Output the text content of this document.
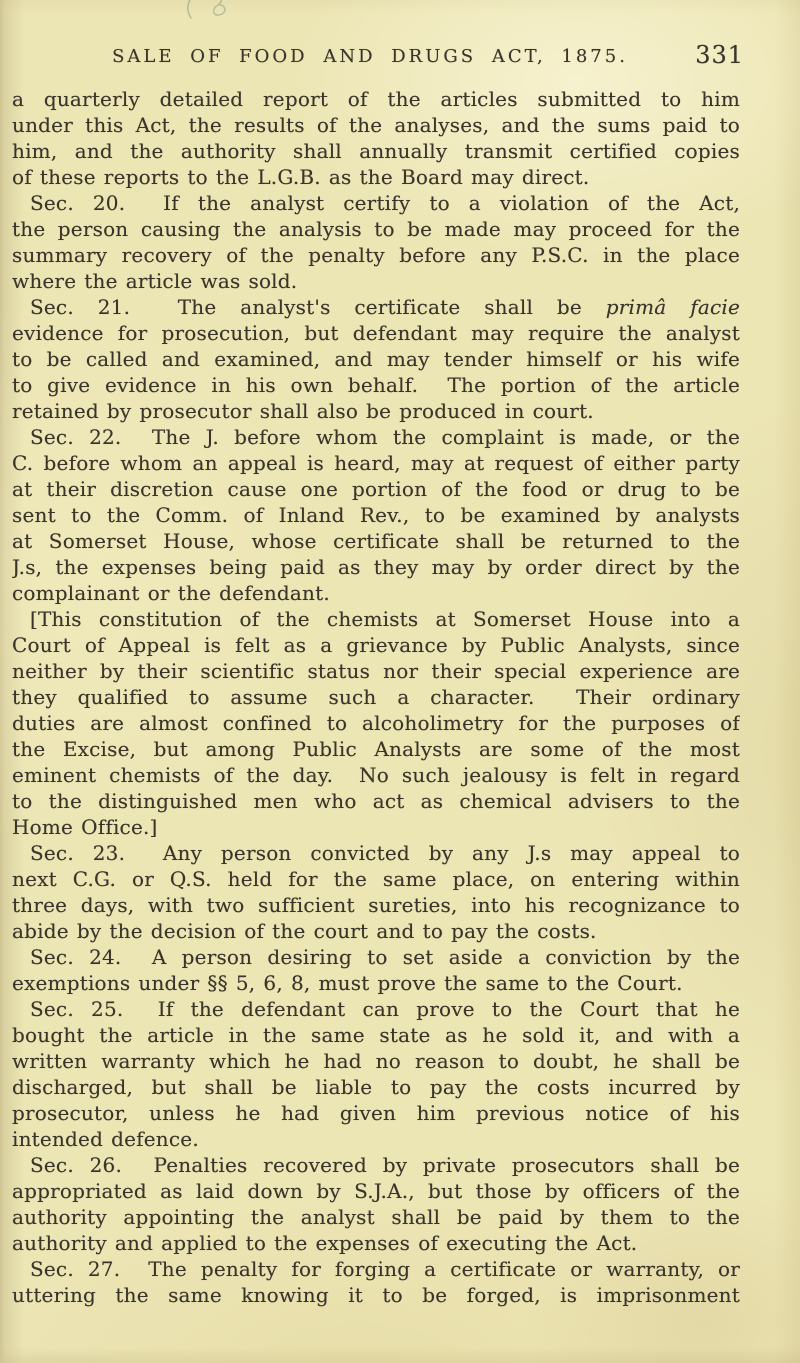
SALE OF FOOD AND DRUGS ACT, 1875.	331
a quarterly detailed report of the articles submitted to him
under this Act, the results of the analyses, and the sums paid to
him, and the authority shall annually transmit certified copies
of these reports to the L.G.B. as the Board may direct.
Sec. 20.  If the analyst certify to a violation of the Act,
the person causing the analysis to be made may proceed for the
summary recovery of the penalty before any P.S.C. in the place
where the article was sold.
Sec. 21.  The analyst's certificate shall be primâ facie
evidence for prosecution, but defendant may require the analyst
to be called and examined, and may tender himself or his wife
to give evidence in his own behalf.  The portion of the article
retained by prosecutor shall also be produced in court.
Sec. 22.  The J. before whom the complaint is made, or the
C. before whom an appeal is heard, may at request of either party
at their discretion cause one portion of the food or drug to be
sent to the Comm. of Inland Rev., to be examined by analysts
at Somerset House, whose certificate shall be returned to the
J.s, the expenses being paid as they may by order direct by the
complainant or the defendant.
[This constitution of the chemists at Somerset House into a
Court of Appeal is felt as a grievance by Public Analysts, since
neither by their scientific status nor their special experience are
they qualified to assume such a character.  Their ordinary
duties are almost confined to alcoholimetry for the purposes of
the Excise, but among Public Analysts are some of the most
eminent chemists of the day.  No such jealousy is felt in regard
to the distinguished men who act as chemical advisers to the
Home Office.]
Sec. 23.  Any person convicted by any J.s may appeal to
next C.G. or Q.S. held for the same place, on entering within
three days, with two sufficient sureties, into his recognizance to
abide by the decision of the court and to pay the costs.
Sec. 24.  A person desiring to set aside a conviction by the
exemptions under §§ 5, 6, 8, must prove the same to the Court.
Sec. 25.  If the defendant can prove to the Court that he
bought the article in the same state as he sold it, and with a
written warranty which he had no reason to doubt, he shall be
discharged, but shall be liable to pay the costs incurred by
prosecutor, unless he had given him previous notice of his
intended defence.
Sec. 26.  Penalties recovered by private prosecutors shall be
appropriated as laid down by S.J.A., but those by officers of the
authority appointing the analyst shall be paid by them to the
authority and applied to the expenses of executing the Act.
Sec. 27.  The penalty for forging a certificate or warranty, or
uttering the same knowing it to be forged, is imprisonment
